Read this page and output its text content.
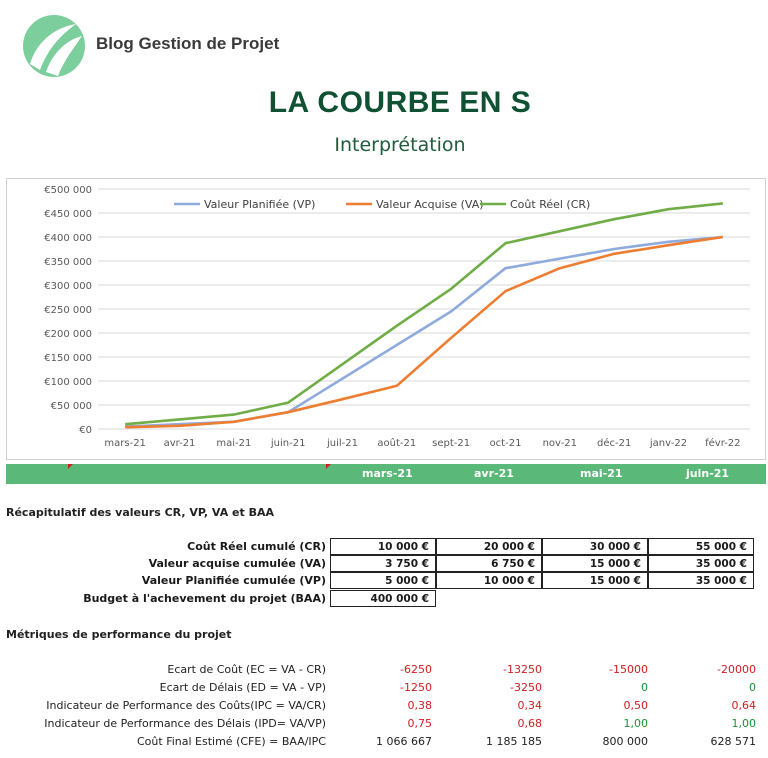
Blog Gestion de Projet
LA COURBE EN S
Interprétation
€0
€50 000
€100 000
€150 000
€200 000
€250 000
€300 000
€350 000
€400 000
€450 000
€500 000
mars-21 avr-21 mai-21 juin-21 juil-21 août-21 sept-21 oct-21 nov-21 déc-21 janv-22 févr-22
Valeur Planifiée (VP)	Valeur Acquise (VA) Coût Réel (CR)
mars-21	avr-21	mai-21	juin-21
Récapitulatif des valeurs CR, VP, VA et BAA
Coût Réel cumulé (CR)	10 000 €	20 000 €	30 000 €	55 000 €
Valeur acquise cumulée (VA)	3 750 €	6 750 €	15 000 €	35 000 €
Valeur Planifiée cumulée (VP)	5 000 €	10 000 €	15 000 €	35 000 €
Budget à l'achevement du projet (BAA)	400 000 €
Métriques de performance du projet
Ecart de Coût (EC = VA - CR)	-6250	-13250	-15000	-20000
Ecart de Délais (ED = VA - VP)	-1250	-3250	0	0
Indicateur de Performance des Coûts(IPC = VA/CR)	0,38	0,34	0,50	0,64
Indicateur de Performance des Délais (IPD= VA/VP)	0,75	0,68	1,00	1,00
Coût Final Estimé (CFE) = BAA/IPC	1 066 667	1 185 185	800 000	628 571
